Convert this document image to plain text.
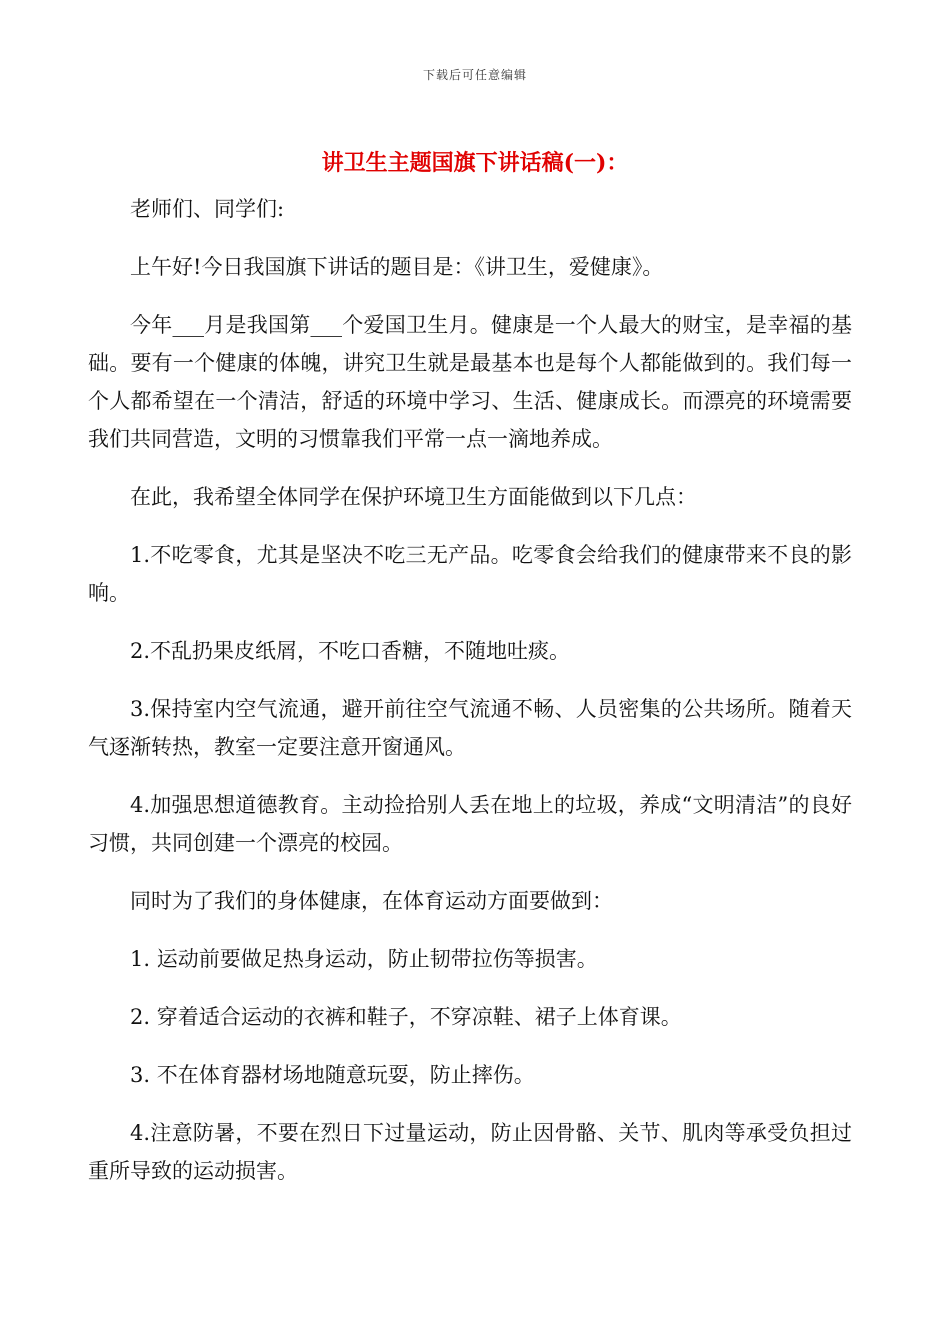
下载后可任意编辑
讲卫生主题国旗下讲话稿(一)：

老师们、同学们:

上午好!今日我国旗下讲话的题目是：《讲卫生，爱健康》。

今年___月是我国第___个爱国卫生月。健康是一个人最大的财宝，是幸福的基础。要有一个健康的体魄，讲究卫生就是最基本也是每个人都能做到的。我们每一个人都希望在一个清洁，舒适的环境中学习、生活、健康成长。而漂亮的环境需要我们共同营造，文明的习惯靠我们平常一点一滴地养成。

在此，我希望全体同学在保护环境卫生方面能做到以下几点：

1.不吃零食，尤其是坚决不吃三无产品。吃零食会给我们的健康带来不良的影响。

2.不乱扔果皮纸屑，不吃口香糖，不随地吐痰。

3.保持室内空气流通，避开前往空气流通不畅、人员密集的公共场所。随着天气逐渐转热，教室一定要注意开窗通风。

4.加强思想道德教育。主动捡拾别人丢在地上的垃圾，养成“文明清洁”的良好习惯，共同创建一个漂亮的校园。

同时为了我们的身体健康，在体育运动方面要做到：

1. 运动前要做足热身运动，防止韧带拉伤等损害。

2. 穿着适合运动的衣裤和鞋子，不穿凉鞋、裙子上体育课。

3. 不在体育器材场地随意玩耍，防止摔伤。

4.注意防暑，不要在烈日下过量运动，防止因骨骼、关节、肌肉等承受负担过重所导致的运动损害。
